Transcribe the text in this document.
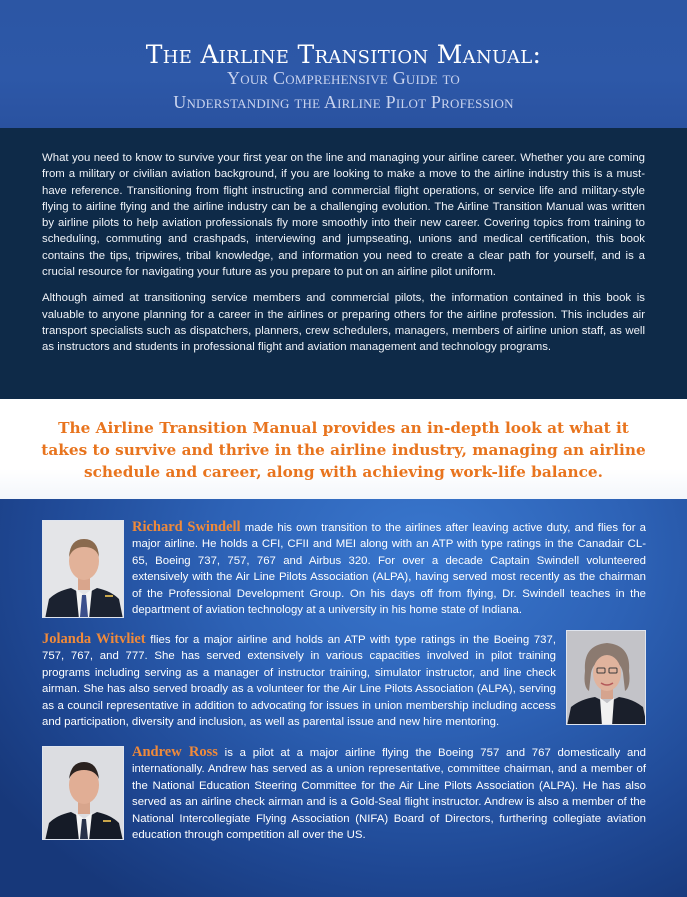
The Airline Transition Manual:
Your Comprehensive Guide to
Understanding the Airline Pilot Profession

What you need to know to survive your first year on the line and managing your airline career. Whether you are coming from a military or civilian aviation background, if you are looking to make a move to the airline industry this is a must-have reference. Transitioning from flight instructing and commercial flight operations, or service life and military-style flying to airline flying and the airline industry can be a challenging evolution. The Airline Transition Manual was written by airline pilots to help aviation professionals fly more smoothly into their new career. Covering topics from training to scheduling, commuting and crashpads, interviewing and jumpseating, unions and medical certification, this book contains the tips, tripwires, tribal knowledge, and information you need to create a clear path for yourself, and is a crucial resource for navigating your future as you prepare to put on an airline pilot uniform.

Although aimed at transitioning service members and commercial pilots, the information contained in this book is valuable to anyone planning for a career in the airlines or preparing others for the airline profession. This includes air transport specialists such as dispatchers, planners, crew schedulers, managers, members of airline union staff, as well as instructors and students in professional flight and aviation management and technology programs.

The Airline Transition Manual provides an in-depth look at what it takes to survive and thrive in the airline industry, managing an airline schedule and career, along with achieving work-life balance.

Richard Swindell made his own transition to the airlines after leaving active duty, and flies for a major airline. He holds a CFI, CFII and MEI along with an ATP with type ratings in the Canadair CL-65, Boeing 737, 757, 767 and Airbus 320. For over a decade Captain Swindell volunteered extensively with the Air Line Pilots Association (ALPA), having served most recently as the chairman of the Professional Development Group. On his days off from flying, Dr. Swindell teaches in the department of aviation technology at a university in his home state of Indiana.
Jolanda Witvliet flies for a major airline and holds an ATP with type ratings in the Boeing 737, 757, 767, and 777. She has served extensively in various capacities involved in pilot training programs including serving as a manager of instructor training, simulator instructor, and line check airman. She has also served broadly as a volunteer for the Air Line Pilots Association (ALPA), serving as a council representative in addition to advocating for issues in union membership including access and participation, diversity and inclusion, as well as parental issue and new hire mentoring.
Andrew Ross is a pilot at a major airline flying the Boeing 757 and 767 domestically and internationally. Andrew has served as a union representative, committee chairman, and a member of the National Education Steering Committee for the Air Line Pilots Association (ALPA). He has also served as an airline check airman and is a Gold-Seal flight instructor. Andrew is also a member of the National Intercollegiate Flying Association (NIFA) Board of Directors, furthering collegiate aviation education through competition all over the US.
